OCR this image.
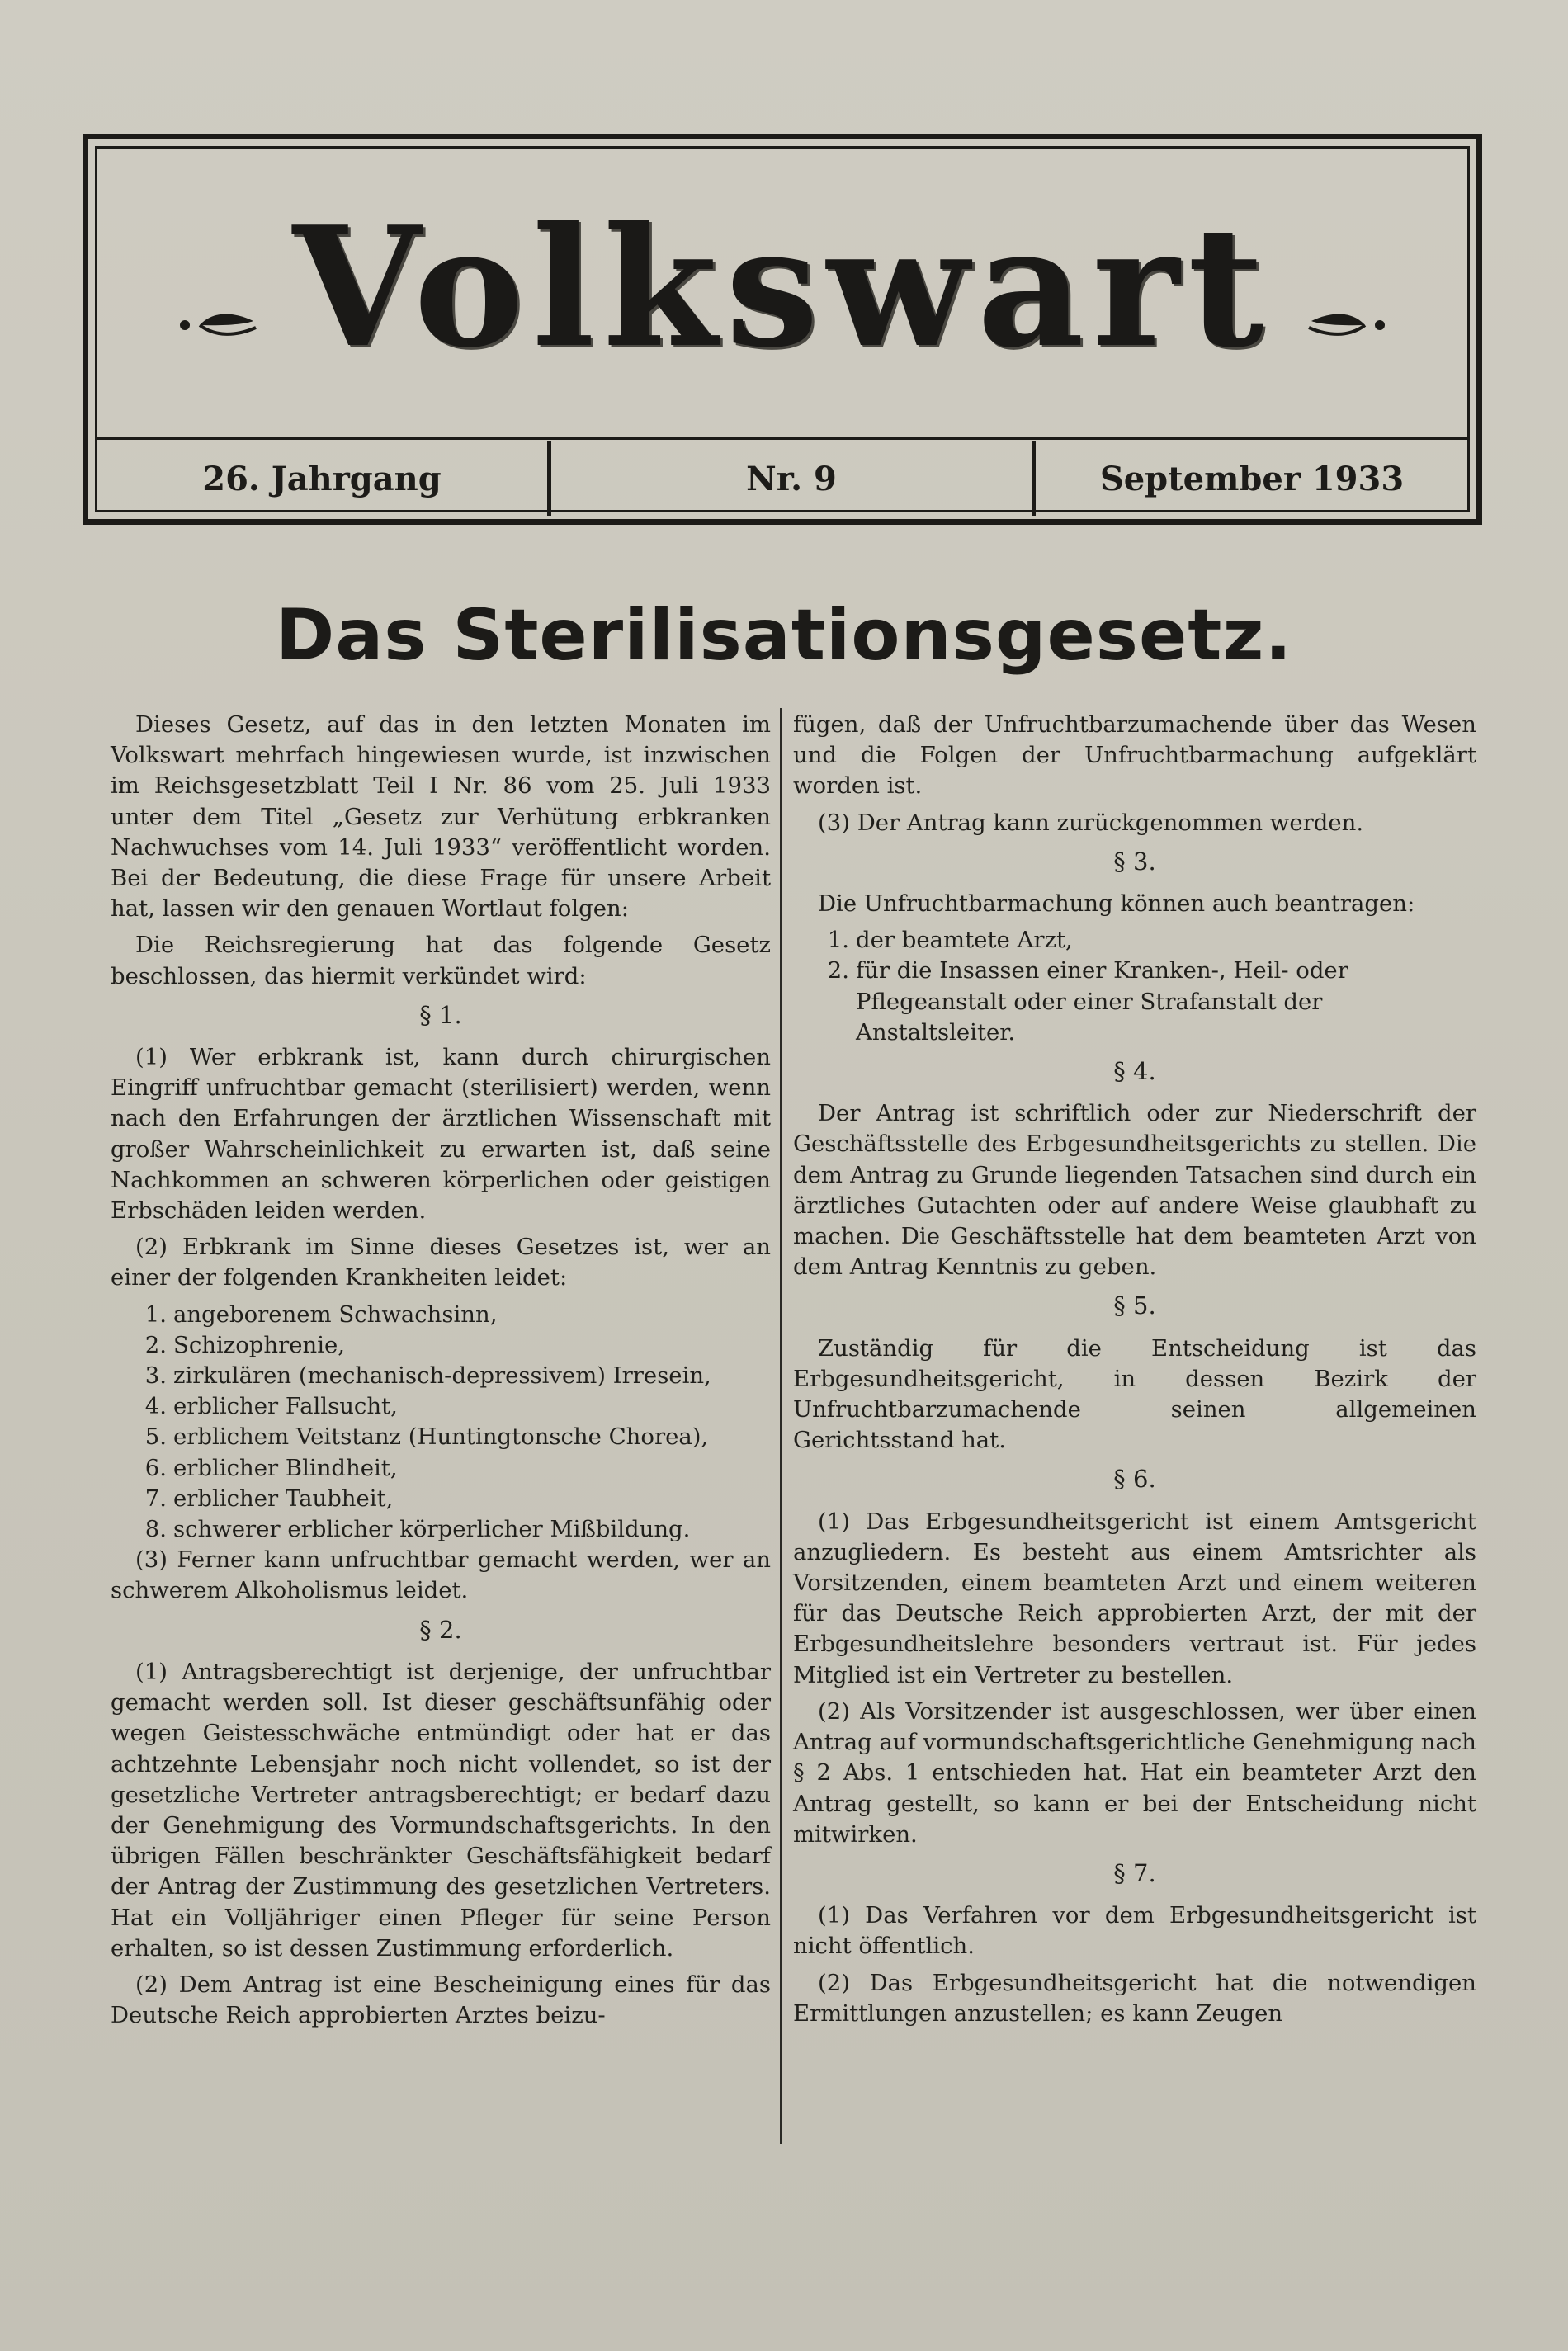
Volkswart
26. Jahrgang	Nr. 9	September 1933
Das Sterilisationsgesetz.

Dieses Gesetz, auf das in den letzten Monaten im Volkswart mehrfach hingewiesen wurde, ist inzwischen im Reichsgesetzblatt Teil I Nr. 86 vom 25. Juli 1933 unter dem Titel „Gesetz zur Verhütung erbkranken Nachwuchses vom 14. Juli 1933“ veröffentlicht worden. Bei der Bedeutung, die diese Frage für unsere Arbeit hat, lassen wir den genauen Wortlaut folgen:

Die Reichsregierung hat das folgende Gesetz beschlossen, das hiermit verkündet wird:

§ 1.

(1) Wer erbkrank ist, kann durch chirurgischen Eingriff unfruchtbar gemacht (sterilisiert) werden, wenn nach den Erfahrungen der ärztlichen Wissenschaft mit großer Wahrscheinlichkeit zu erwarten ist, daß seine Nachkommen an schweren körperlichen oder geistigen Erbschäden leiden werden.

(2) Erbkrank im Sinne dieses Gesetzes ist, wer an einer der folgenden Krankheiten leidet:

1. angeborenem Schwachsinn,
2. Schizophrenie,
3. zirkulären (mechanisch-depressivem) Irresein,
4. erblicher Fallsucht,
5. erblichem Veitstanz (Huntingtonsche Chorea),
6. erblicher Blindheit,
7. erblicher Taubheit,
8. schwerer erblicher körperlicher Mißbildung.

(3) Ferner kann unfruchtbar gemacht werden, wer an schwerem Alkoholismus leidet.

§ 2.

(1) Antragsberechtigt ist derjenige, der unfruchtbar gemacht werden soll. Ist dieser geschäftsunfähig oder wegen Geistesschwäche entmündigt oder hat er das achtzehnte Lebensjahr noch nicht vollendet, so ist der gesetzliche Vertreter antragsberechtigt; er bedarf dazu der Genehmigung des Vormundschaftsgerichts. In den übrigen Fällen beschränkter Geschäftsfähigkeit bedarf der Antrag der Zustimmung des gesetzlichen Vertreters. Hat ein Volljähriger einen Pfleger für seine Person erhalten, so ist dessen Zustimmung erforderlich.

(2) Dem Antrag ist eine Bescheinigung eines für das Deutsche Reich approbierten Arztes beizu-

fügen, daß der Unfruchtbarzumachende über das Wesen und die Folgen der Unfruchtbarmachung aufgeklärt worden ist.

(3) Der Antrag kann zurückgenommen werden.

§ 3.

Die Unfruchtbarmachung können auch beantragen:

1. der beamtete Arzt,
2. für die Insassen einer Kranken-, Heil- oder Pflegeanstalt oder einer Strafanstalt der Anstaltsleiter.
§ 4.

Der Antrag ist schriftlich oder zur Niederschrift der Geschäftsstelle des Erbgesundheitsgerichts zu stellen. Die dem Antrag zu Grunde liegenden Tatsachen sind durch ein ärztliches Gutachten oder auf andere Weise glaubhaft zu machen. Die Geschäftsstelle hat dem beamteten Arzt von dem Antrag Kenntnis zu geben.

§ 5.

Zuständig für die Entscheidung ist das Erbgesundheitsgericht, in dessen Bezirk der Unfruchtbarzumachende seinen allgemeinen Gerichtsstand hat.

§ 6.

(1) Das Erbgesundheitsgericht ist einem Amtsgericht anzugliedern. Es besteht aus einem Amtsrichter als Vorsitzenden, einem beamteten Arzt und einem weiteren für das Deutsche Reich approbierten Arzt, der mit der Erbgesundheitslehre besonders vertraut ist. Für jedes Mitglied ist ein Vertreter zu bestellen.

(2) Als Vorsitzender ist ausgeschlossen, wer über einen Antrag auf vormundschaftsgerichtliche Genehmigung nach § 2 Abs. 1 entschieden hat. Hat ein beamteter Arzt den Antrag gestellt, so kann er bei der Entscheidung nicht mitwirken.

§ 7.

(1) Das Verfahren vor dem Erbgesundheitsgericht ist nicht öffentlich.

(2) Das Erbgesundheitsgericht hat die notwendigen Ermittlungen anzustellen; es kann Zeugen
